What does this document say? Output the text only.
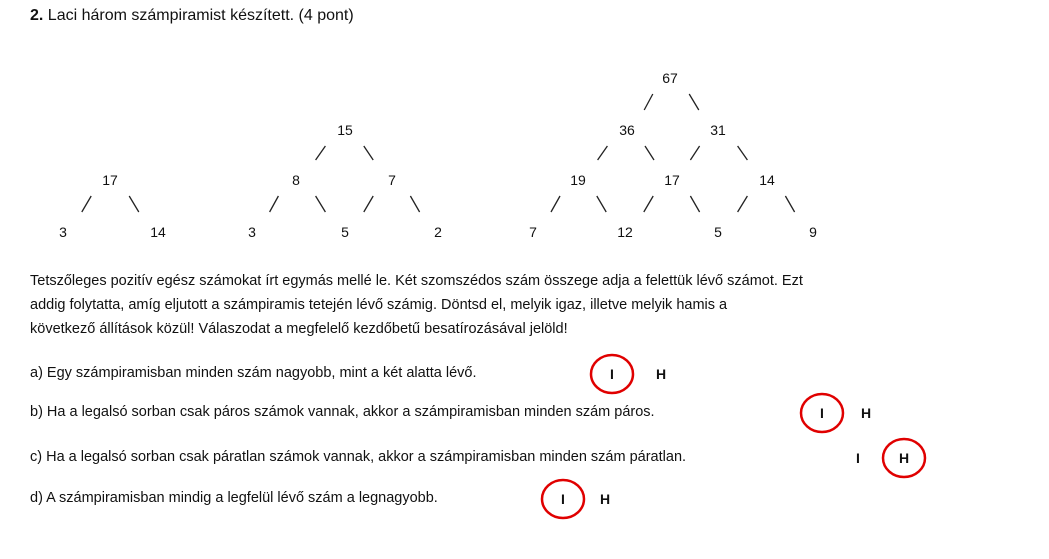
2. Laci három számpiramist készített. (4 pont)
17
3	14
15
8	7
3	5	2
67
36	31
19	17	14
7	12	5	9
Tetszőleges pozitív egész számokat írt egymás mellé le. Két szomszédos szám összege adja a felettük lévő számot. Ezt
addig folytatta, amíg eljutott a számpiramis tetején lévő számig. Döntsd el, melyik igaz, illetve melyik hamis a
következő állítások közül! Válaszodat a megfelelő kezdőbetű besatírozásával jelöld!
a) Egy számpiramisban minden szám nagyobb, mint a két alatta lévő.
b) Ha a legalsó sorban csak páros számok vannak, akkor a számpiramisban minden szám páros.
c) Ha a legalsó sorban csak páratlan számok vannak, akkor a számpiramisban minden szám páratlan.
d) A számpiramisban mindig a legfelül lévő szám a legnagyobb.
I	H
I	H
I	H
I H
